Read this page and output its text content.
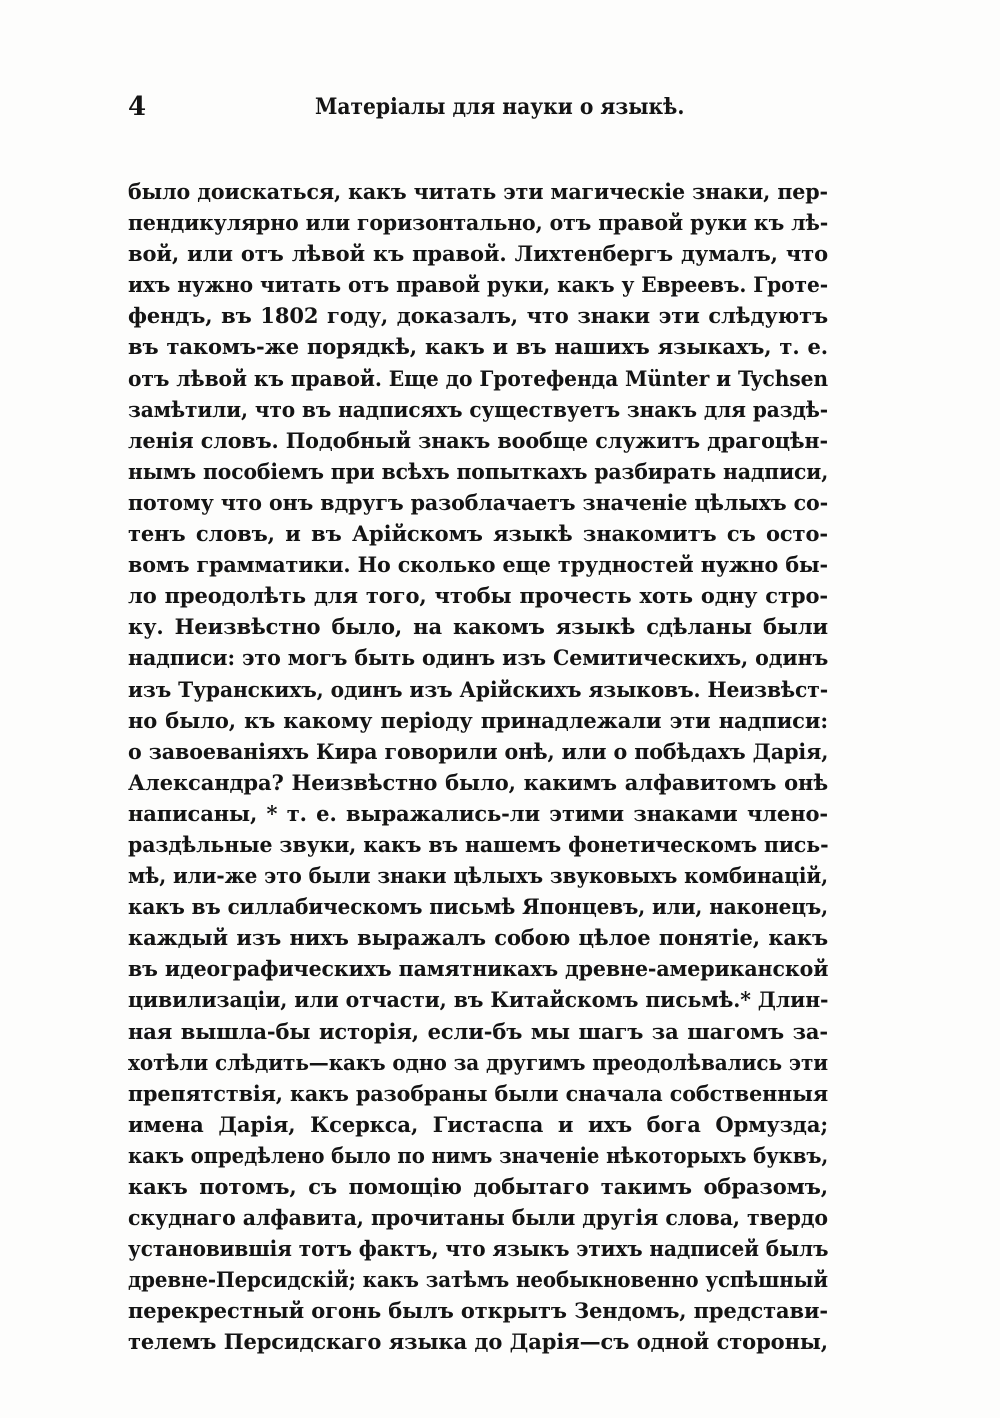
4	Матеріалы для науки о языкѣ.
было доискаться, какъ читать эти магическіе знаки, пер-
пендикулярно или горизонтально, отъ правой руки къ лѣ-
вой, или отъ лѣвой къ правой. Лихтенбергъ думалъ, что
ихъ нужно читать отъ правой руки, какъ у Евреевъ. Гроте-
фендъ, въ 1802 году, доказалъ, что знаки эти слѣдуютъ
въ такомъ-же порядкѣ, какъ и въ нашихъ языкахъ, т. е.
отъ лѣвой къ правой. Еще до Гротефенда Münter и Tychsen
замѣтили, что въ надписяхъ существуетъ знакъ для раздѣ-
ленія словъ. Подобный знакъ вообще служитъ драгоцѣн-
нымъ пособіемъ при всѣхъ попыткахъ разбирать надписи,
потому что онъ вдругъ разоблачаетъ значеніе цѣлыхъ со-
тенъ словъ, и въ Арійскомъ языкѣ знакомитъ съ осто-
вомъ грамматики. Но сколько еще трудностей нужно бы-
ло преодолѣть для того, чтобы прочесть хоть одну стро-
ку. Неизвѣстно было, на какомъ языкѣ сдѣланы были
надписи: это могъ быть одинъ изъ Семитическихъ, одинъ
изъ Туранскихъ, одинъ изъ Арійскихъ языковъ. Неизвѣст-
но было, къ какому періоду принадлежали эти надписи:
о завоеваніяхъ Кира говорили онѣ, или о побѣдахъ Дарія,
Александра? Неизвѣстно было, какимъ алфавитомъ онѣ
написаны, * т. е. выражались-ли этими знаками члено-
раздѣльные звуки, какъ въ нашемъ фонетическомъ пись-
мѣ, или-же это были знаки цѣлыхъ звуковыхъ комбинацій,
какъ въ силлабическомъ письмѣ Японцевъ, или, наконецъ,
каждый изъ нихъ выражалъ собою цѣлое понятіе, какъ
въ идеографическихъ памятникахъ древне-американской
цивилизаціи, или отчасти, въ Китайскомъ письмѣ.* Длин-
ная вышла-бы исторія, если-бъ мы шагъ за шагомъ за-
хотѣли слѣдить—какъ одно за другимъ преодолѣвались эти
препятствія, какъ разобраны были сначала собственныя
имена Дарія, Ксеркса, Гистаспа и ихъ бога Ормузда;
какъ опредѣлено было по нимъ значеніе нѣкоторыхъ буквъ,
какъ потомъ, съ помощію добытаго такимъ образомъ,
скуднаго алфавита, прочитаны были другія слова, твердо
установившія тотъ фактъ, что языкъ этихъ надписей былъ
древне-Персидскій; какъ затѣмъ необыкновенно успѣшный
перекрестный огонь былъ открытъ Зендомъ, представи-
телемъ Персидскаго языка до Дарія—съ одной стороны,
